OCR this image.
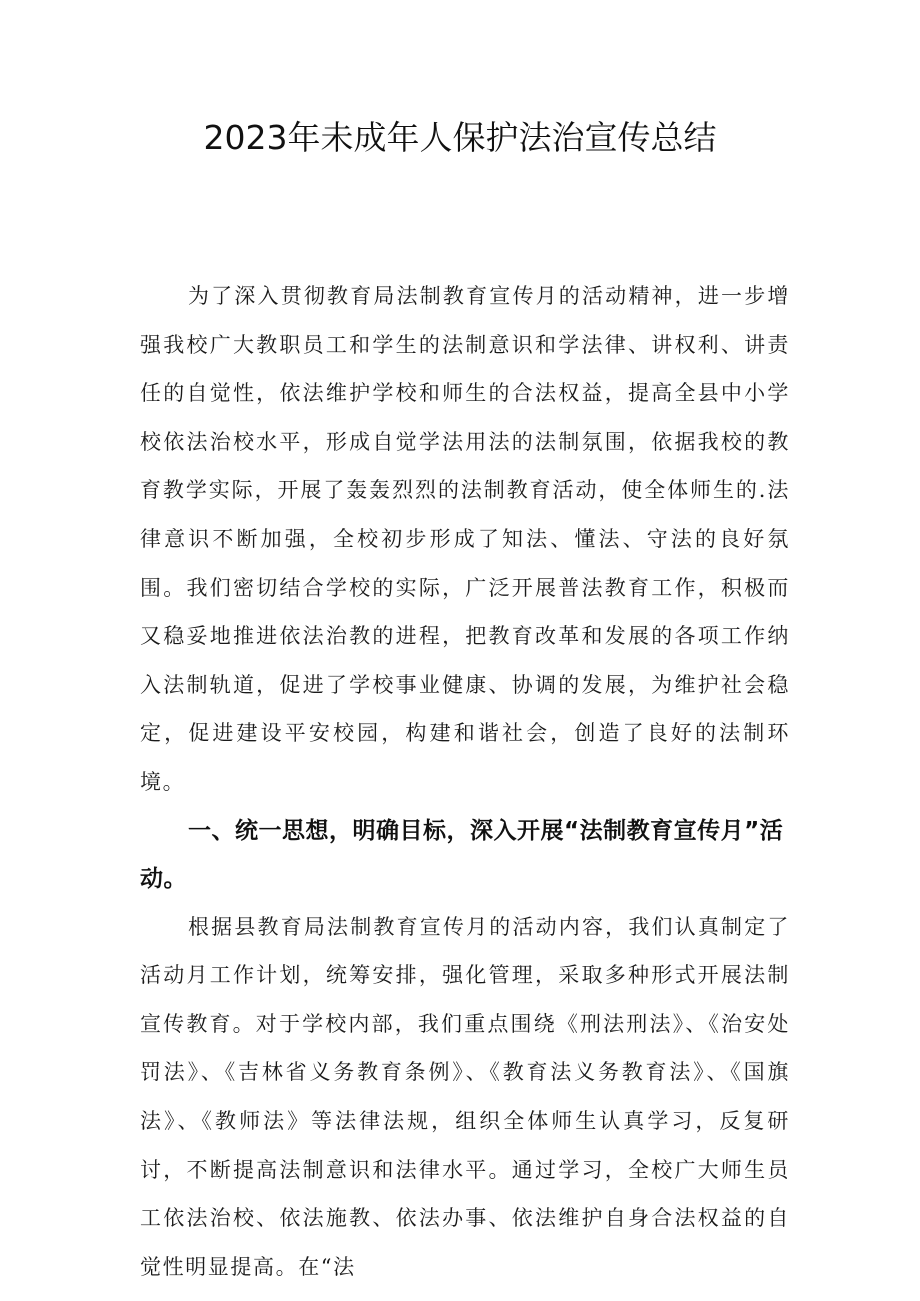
2023年未成年人保护法治宣传总结

为了深入贯彻教育局法制教育宣传月的活动精神，进一步增强我校广大教职员工和学生的法制意识和学法律、讲权利、讲责任的自觉性，依法维护学校和师生的合法权益，提高全县中小学校依法治校水平，形成自觉学法用法的法制氛围，依据我校的教育教学实际，开展了轰轰烈烈的法制教育活动，使全体师生的.法律意识不断加强，全校初步形成了知法、懂法、守法的良好氛围。我们密切结合学校的实际，广泛开展普法教育工作，积极而又稳妥地推进依法治教的进程，把教育改革和发展的各项工作纳入法制轨道，促进了学校事业健康、协调的发展，为维护社会稳定，促进建设平安校园，构建和谐社会，创造了良好的法制环境。

一、统一思想，明确目标，深入开展“法制教育宣传月”活动。

根据县教育局法制教育宣传月的活动内容，我们认真制定了活动月工作计划，统筹安排，强化管理，采取多种形式开展法制宣传教育。对于学校内部，我们重点围绕《刑法刑法》、《治安处罚法》、《吉林省义务教育条例》、《教育法义务教育法》、《国旗法》、《教师法》等法律法规，组织全体师生认真学习，反复研讨，不断提高法制意识和法律水平。通过学习，全校广大师生员工依法治校、依法施教、依法办事、依法维护自身合法权益的自觉性明显提高。在“法
